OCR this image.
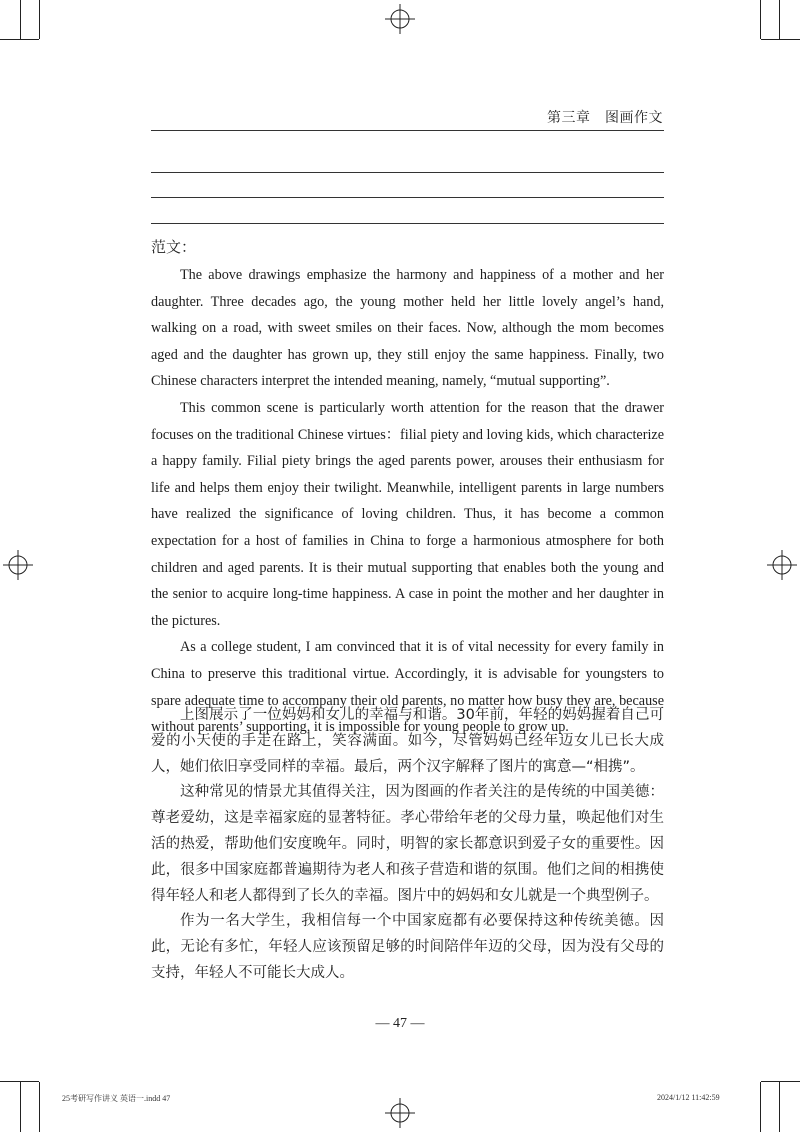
第三章　图画作文
范文：

The above drawings emphasize the harmony and happiness of a mother and her daughter. Three decades ago, the young mother held her little lovely angel’s hand, walking on a road, with sweet smiles on their faces. Now, although the mom becomes aged and the daughter has grown up, they still enjoy the same happiness. Finally, two Chinese characters interpret the intended meaning, namely, “mutual supporting”.

This common scene is particularly worth attention for the reason that the drawer focuses on the traditional Chinese virtues：filial piety and loving kids, which characterize a happy family. Filial piety brings the aged parents power, arouses their enthusiasm for life and helps them enjoy their twilight. Meanwhile, intelligent parents in large numbers have realized the significance of loving children. Thus, it has become a common expectation for a host of families in China to forge a harmonious atmosphere for both children and aged parents. It is their mutual supporting that enables both the young and the senior to acquire long-time happiness. A case in point the mother and her daughter in the pictures.

As a college student, I am convinced that it is of vital necessity for every family in China to preserve this traditional virtue. Accordingly, it is advisable for youngsters to spare adequate time to accompany their old parents, no matter how busy they are, because without parents’ supporting, it is impossible for young people to grow up.

上图展示了一位妈妈和女儿的幸福与和谐。30年前，年轻的妈妈握着自己可爱的小天使的手走在路上，笑容满面。如今，尽管妈妈已经年迈女儿已长大成人，她们依旧享受同样的幸福。最后，两个汉字解释了图片的寓意—“相携”。

这种常见的情景尤其值得关注，因为图画的作者关注的是传统的中国美德：尊老爱幼，这是幸福家庭的显著特征。孝心带给年老的父母力量，唤起他们对生活的热爱，帮助他们安度晚年。同时，明智的家长都意识到爱子女的重要性。因此，很多中国家庭都普遍期待为老人和孩子营造和谐的氛围。他们之间的相携使得年轻人和老人都得到了长久的幸福。图片中的妈妈和女儿就是一个典型例子。

作为一名大学生，我相信每一个中国家庭都有必要保持这种传统美德。因此，无论有多忙，年轻人应该预留足够的时间陪伴年迈的父母，因为没有父母的支持，年轻人不可能长大成人。

— 47 —
25考研写作讲义 英语一.indd 47	2024/1/12 11:42:59
